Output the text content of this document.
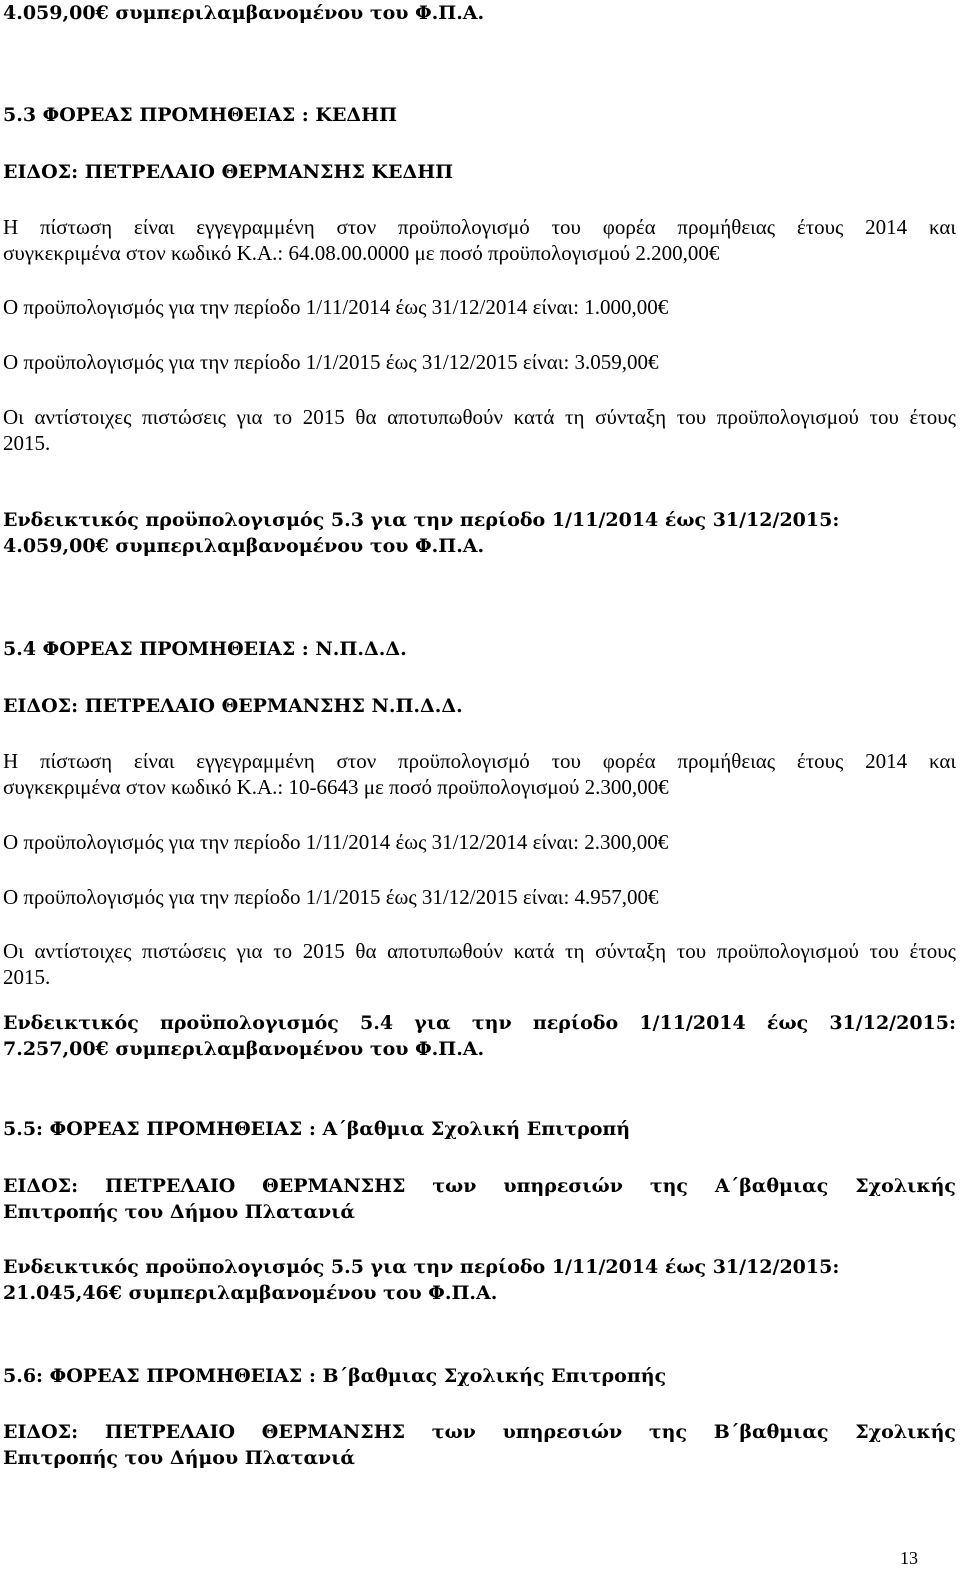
4.059,00€ συμπεριλαμβανομένου του Φ.Π.Α.

5.3 ΦΟΡΕΑΣ ΠΡΟΜΗΘΕΙΑΣ : ΚΕΔΗΠ

ΕΙΔΟΣ: ΠΕΤΡΕΛΑΙΟ ΘΕΡΜΑΝΣΗΣ ΚΕΔΗΠ

Η πίστωση είναι εγγεγραμμένη στον προϋπολογισμό του φορέα προμήθειας έτους 2014 και

συγκεκριμένα στον κωδικό Κ.Α.: 64.08.00.0000 με ποσό προϋπολογισμού 2.200,00€

Ο προϋπολογισμός για την περίοδο 1/11/2014 έως 31/12/2014 είναι: 1.000,00€

Ο προϋπολογισμός για την περίοδο 1/1/2015 έως 31/12/2015 είναι: 3.059,00€

Οι αντίστοιχες πιστώσεις για το 2015 θα αποτυπωθούν κατά τη σύνταξη του προϋπολογισμού του έτους

2015.

Ενδεικτικός προϋπολογισμός 5.3 για την περίοδο 1/11/2014 έως 31/12/2015:

4.059,00€ συμπεριλαμβανομένου του Φ.Π.Α.

5.4 ΦΟΡΕΑΣ ΠΡΟΜΗΘΕΙΑΣ : Ν.Π.Δ.Δ.

ΕΙΔΟΣ: ΠΕΤΡΕΛΑΙΟ ΘΕΡΜΑΝΣΗΣ Ν.Π.Δ.Δ.

Η πίστωση είναι εγγεγραμμένη στον προϋπολογισμό του φορέα προμήθειας έτους 2014 και

συγκεκριμένα στον κωδικό Κ.Α.: 10-6643 με ποσό προϋπολογισμού 2.300,00€

Ο προϋπολογισμός για την περίοδο 1/11/2014 έως 31/12/2014 είναι: 2.300,00€

Ο προϋπολογισμός για την περίοδο 1/1/2015 έως 31/12/2015 είναι: 4.957,00€

Οι αντίστοιχες πιστώσεις για το 2015 θα αποτυπωθούν κατά τη σύνταξη του προϋπολογισμού του έτους

2015.

Ενδεικτικός προϋπολογισμός 5.4 για την περίοδο 1/11/2014 έως 31/12/2015:

7.257,00€ συμπεριλαμβανομένου του Φ.Π.Α.

5.5: ΦΟΡΕΑΣ ΠΡΟΜΗΘΕΙΑΣ : Α΄βαθμια Σχολική Επιτροπή

ΕΙΔΟΣ: ΠΕΤΡΕΛΑΙΟ ΘΕΡΜΑΝΣΗΣ των υπηρεσιών της Α΄βαθμιας Σχολικής

Επιτροπής του Δήμου Πλατανιά

Ενδεικτικός προϋπολογισμός 5.5 για την περίοδο 1/11/2014 έως 31/12/2015:

21.045,46€ συμπεριλαμβανομένου του Φ.Π.Α.

5.6: ΦΟΡΕΑΣ ΠΡΟΜΗΘΕΙΑΣ : Β΄βαθμιας Σχολικής Επιτροπής

ΕΙΔΟΣ: ΠΕΤΡΕΛΑΙΟ ΘΕΡΜΑΝΣΗΣ των υπηρεσιών της Β΄βαθμιας Σχολικής

Επιτροπής του Δήμου Πλατανιά

13
